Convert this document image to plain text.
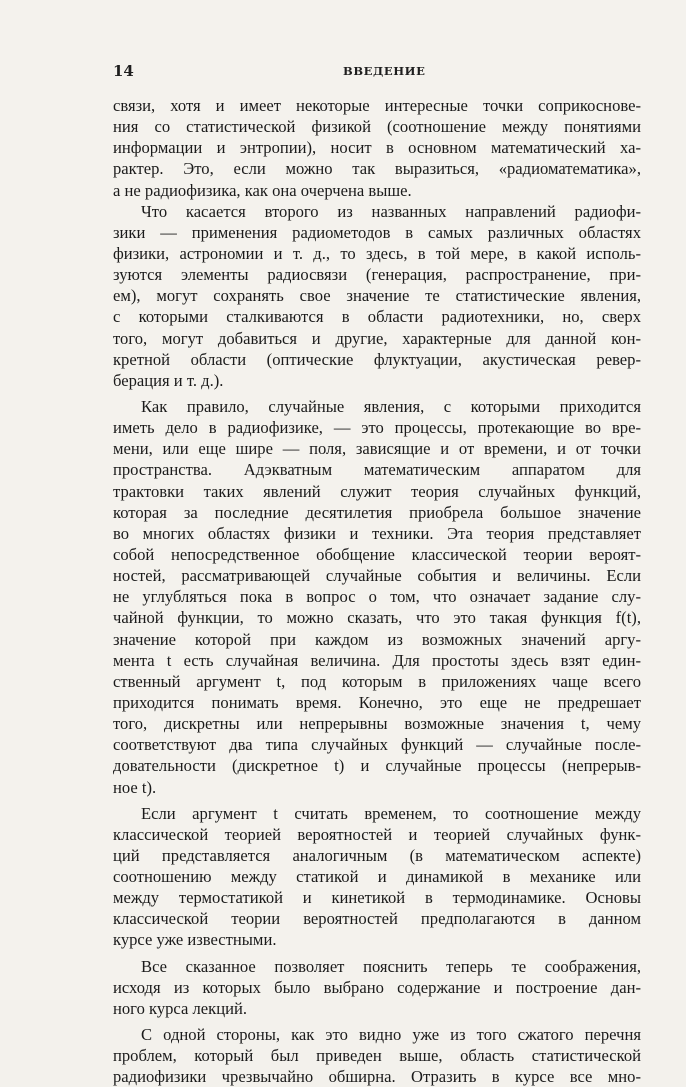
14	ВВЕДЕНИЕ
связи, хотя и имеет некоторые интересные точки соприкоснове-
ния со статистической физикой (соотношение между понятиями
информации и энтропии), носит в основном математический ха-
рактер. Это, если можно так выразиться, «радиоматематика»,
а не радиофизика, как она очерчена выше.
Что касается второго из названных направлений радиофи-
зики — применения радиометодов в самых различных областях
физики, астрономии и т. д., то здесь, в той мере, в какой исполь-
зуются элементы радиосвязи (генерация, распространение, при-
ем), могут сохранять свое значение те статистические явления,
с которыми сталкиваются в области радиотехники, но, сверх
того, могут добавиться и другие, характерные для данной кон-
кретной области (оптические флуктуации, акустическая ревер-
берация и т. д.).
Как правило, случайные явления, с которыми приходится
иметь дело в радиофизике, — это процессы, протекающие во вре-
мени, или еще шире — поля, зависящие и от времени, и от точки
пространства. Адэкватным математическим аппаратом для
трактовки таких явлений служит теория случайных функций,
которая за последние десятилетия приобрела большое значение
во многих областях физики и техники. Эта теория представляет
собой непосредственное обобщение классической теории вероят-
ностей, рассматривающей случайные события и величины. Если
не углубляться пока в вопрос о том, что означает задание слу-
чайной функции, то можно сказать, что это такая функция f(t),
значение которой при каждом из возможных значений аргу-
мента t есть случайная величина. Для простоты здесь взят един-
ственный аргумент t, под которым в приложениях чаще всего
приходится понимать время. Конечно, это еще не предрешает
того, дискретны или непрерывны возможные значения t, чему
соответствуют два типа случайных функций — случайные после-
довательности (дискретное t) и случайные процессы (непрерыв-
ное t).
Если аргумент t считать временем, то соотношение между
классической теорией вероятностей и теорией случайных функ-
ций представляется аналогичным (в математическом аспекте)
соотношению между статикой и динамикой в механике или
между термостатикой и кинетикой в термодинамике. Основы
классической теории вероятностей предполагаются в данном
курсе уже известными.
Все сказанное позволяет пояснить теперь те соображения,
исходя из которых было выбрано содержание и построение дан-
ного курса лекций.
С одной стороны, как это видно уже из того сжатого перечня
проблем, который был приведен выше, область статистической
радиофизики чрезвычайно обширна. Отразить в курсе все мно-
